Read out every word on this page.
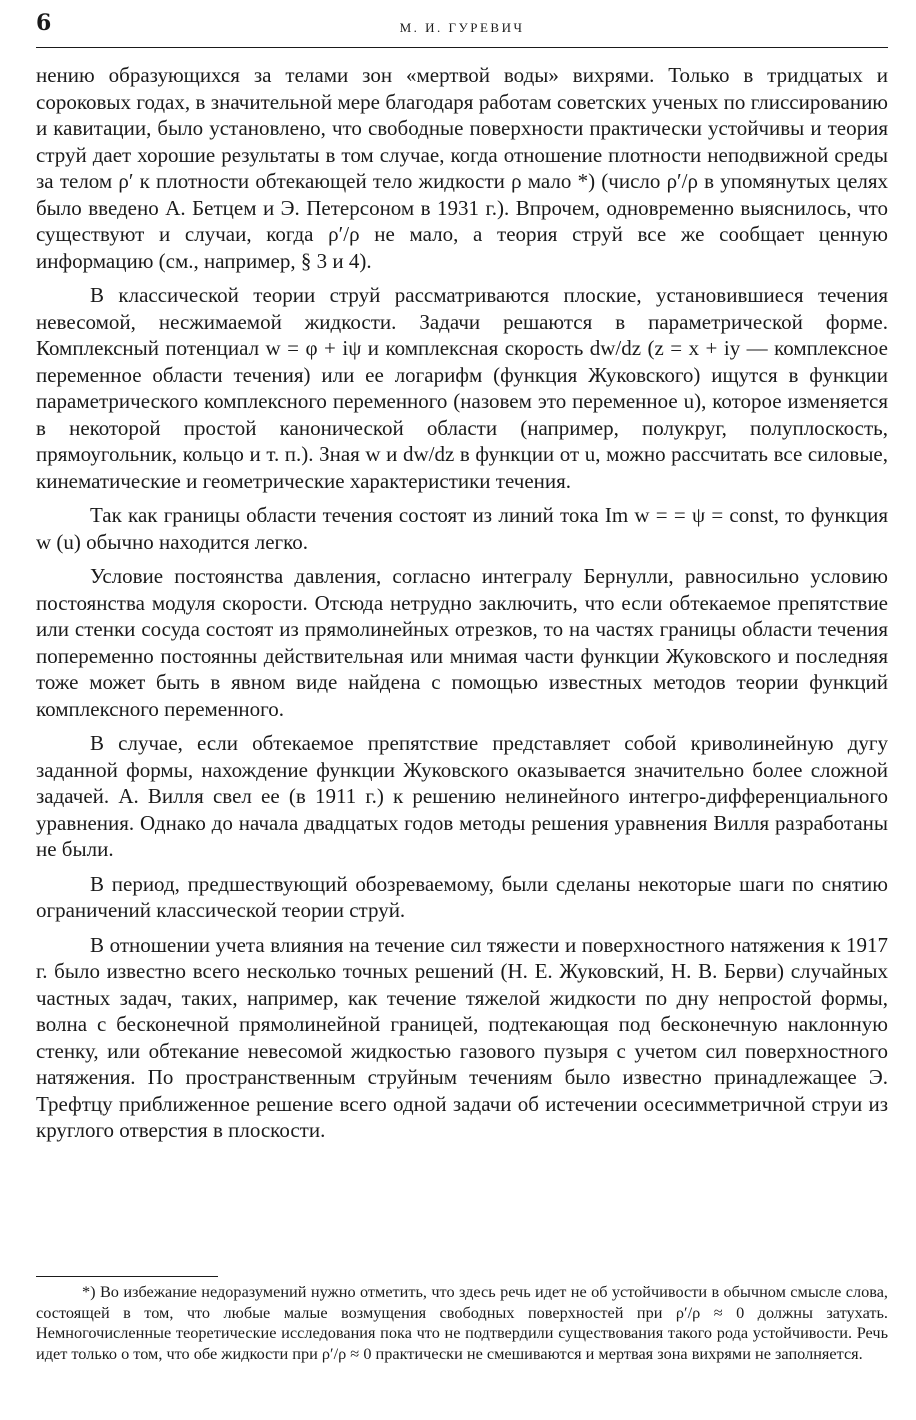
6	М. И. ГУРЕВИЧ

нению образующихся за телами зон «мертвой воды» вихрями. Только в тридцатых и сороковых годах, в значительной мере благодаря работам советских ученых по глиссированию и кавитации, было установлено, что свободные поверхности практически устойчивы и теория струй дает хорошие результаты в том случае, когда отношение плотности неподвижной среды за телом ρ′ к плотности обтекающей тело жидкости ρ мало *) (число ρ′/ρ в упомянутых целях было введено А. Бетцем и Э. Петерсоном в 1931 г.). Впрочем, одновременно выяснилось, что существуют и случаи, когда ρ′/ρ не мало, а теория струй все же сообщает ценную информацию (см., например, § 3 и 4).

В классической теории струй рассматриваются плоские, установившиеся течения невесомой, несжимаемой жидкости. Задачи решаются в параметрической форме. Комплексный потенциал w = φ + iψ и комплексная скорость dw/dz (z = x + iy — комплексное переменное области течения) или ее логарифм (функция Жуковского) ищутся в функции параметрического комплексного переменного (назовем это переменное u), которое изменяется в некоторой простой канонической области (например, полукруг, полуплоскость, прямоугольник, кольцо и т. п.). Зная w и dw/dz в функции от u, можно рассчитать все силовые, кинематические и геометрические характеристики течения.

Так как границы области течения состоят из линий тока Im w = = ψ = const, то функция w (u) обычно находится легко.

Условие постоянства давления, согласно интегралу Бернулли, равносильно условию постоянства модуля скорости. Отсюда нетрудно заключить, что если обтекаемое препятствие или стенки сосуда состоят из прямолинейных отрезков, то на частях границы области течения попеременно постоянны действительная или мнимая части функции Жуковского и последняя тоже может быть в явном виде найдена с помощью известных методов теории функций комплексного переменного.

В случае, если обтекаемое препятствие представляет собой криволинейную дугу заданной формы, нахождение функции Жуковского оказывается значительно более сложной задачей. А. Вилля свел ее (в 1911 г.) к решению нелинейного интегро-дифференциального уравнения. Однако до начала двадцатых годов методы решения уравнения Вилля разработаны не были.

В период, предшествующий обозреваемому, были сделаны некоторые шаги по снятию ограничений классической теории струй.

В отношении учета влияния на течение сил тяжести и поверхностного натяжения к 1917 г. было известно всего несколько точных решений (Н. Е. Жуковский, Н. В. Берви) случайных частных задач, таких, например, как течение тяжелой жидкости по дну непростой формы, волна с бесконечной прямолинейной границей, подтекающая под бесконечную наклонную стенку, или обтекание невесомой жидкостью газового пузыря с учетом сил поверхностного натяжения. По пространственным струйным течениям было известно принадлежащее Э. Трефтцу приближенное решение всего одной задачи об истечении осесимметричной струи из круглого отверстия в плоскости.

*) Во избежание недоразумений нужно отметить, что здесь речь идет не об устойчивости в обычном смысле слова, состоящей в том, что любые малые возмущения свободных поверхностей при ρ′/ρ ≈ 0 должны затухать. Немногочисленные теоретические исследования пока что не подтвердили существования такого рода устойчивости. Речь идет только о том, что обе жидкости при ρ′/ρ ≈ 0 практически не смешиваются и мертвая зона вихрями не заполняется.
